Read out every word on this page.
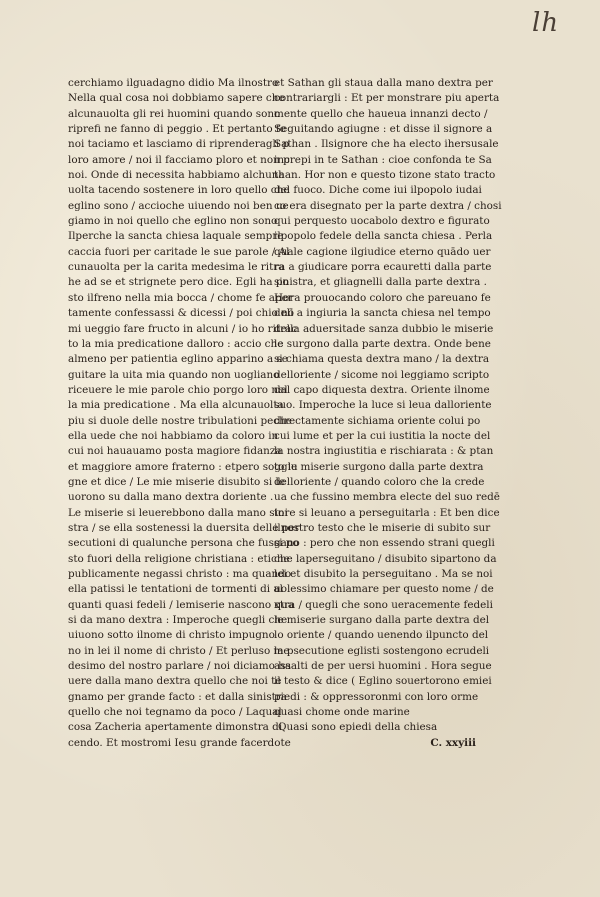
lh
cerchiamo ilguadagno didio Ma ilnostro
Nella qual cosa noi dobbiamo sapere che
alcunauolta gli rei huomini quando sono
riprefi ne fanno di peggio . Et pertanto fe
noi taciamo et lasciamo di riprenderagli p
loro amore / noi il facciamo ploro et non p
noi. Onde di necessita habbiamo alchuna
uolta tacendo sostenere in loro quello che
eglino sono / accioche uiuendo noi ben ue
giamo in noi quello che eglino non sono
Ilperche la sancta chiesa laquale sempre
caccia fuori per caritade le sue parole / Al
cunauolta per la carita medesima le ritra
he ad se et strignete pero dice. Egli ha po
sto ilfreno nella mia bocca / chome fe aper
tamente confessassi & dicessi / poi chio nō
mi ueggio fare fructo in alcuni / io ho ritrac
to la mia predicatione dalloro : accio che
almeno per patientia eglino apparino a se
guitare la uita mia quando non uogliano
riceuere le mie parole chio porgo loro nel
la mia predicatione . Ma ella alcunauolta
piu si duole delle nostre tribulationi peche
ella uede che noi habbiamo da coloro in
cui noi hauauamo posta magiore fidanza
et maggiore amore fraterno : etpero soggiu
gne et dice / Le mie miserie disubito si le
uorono su dalla mano dextra doriente .
Le miserie si leuerebbono dalla mano sini
stra / se ella sostenessi la duersita delle per
secutioni di qualunche persona che fussi po
sto fuori della religione christiana : etiche
publicamente negassi christo : ma quando
ella patissi le tentationi de tormenti di al
quanti quasi fedeli / lemiserie nascono qua
si da mano dextra : Imperoche quegli che
uiuono sotto ilnome di christo impugno
no in lei il nome di christo / Et perluso me
desimo del nostro parlare / noi diciamo ha
uere dalla mano dextra quello che noi te
gnamo per grande facto : et dalla sinistra
quello che noi tegnamo da poco / Laqual
cosa Zacheria apertamente dimonstra di
cendo. Et mostromi Iesu grande facerdote
et Sathan gli staua dalla mano dextra per
contrariargli : Et per monstrare piu aperta
mente quello che haueua innanzi decto /
Seguitando agiugne : et disse il signore a
Sathan . Ilsignore che ha electo ihersusale
increpi in te Sathan : cioe confonda te Sa
than. Hor non e questo tizone stato tracto
del fuoco. Diche come iui ilpopolo iudai
co era disegnato per la parte dextra / chosi
qui perquesto uocabolo dextro e figurato
ilpopolo fedele della sancta chiesa . Perla
quale cagione ilgiudice eterno quādo uer
ra a giudicare porra ecauretti dalla parte
sinistra, et gliagnelli dalla parte dextra .
Hora prouocando coloro che pareuano fe
deli a ingiuria la sancta chiesa nel tempo
della aduersitade sanza dubbio le miserie
le surgono dalla parte dextra. Onde bene
si chiama questa dextra mano / la dextra
delloriente / sicome noi leggiamo scripto
dal capo diquesta dextra. Oriente ilnome
suo. Imperoche la luce si leua dalloriente
directamente sichiama oriente colui po
cui lume et per la cui iustitia la nocte del
la nostra ingiustitia e rischiarata : & ptan
to le miserie surgono dalla parte dextra
delloriente / quando coloro che la crede
ua che fussino membra electe del suo redē
tore si leuano a perseguitarla : Et ben dice
ilnostro testo che le miserie di subito sur
gano : pero che non essendo strani quegli
che laperseguitano / disubito sipartono da
lei et disubito la perseguitano . Ma se noi
uolessimo chiamare per questo nome / de
xtra / quegli che sono ueracemente fedeli
le miserie surgano dalla parte dextra del
lo oriente / quando uenendo ilpuncto del
la psecutione eglisti sostengono ecrudeli
assalti de per uersi huomini . Hora segue
il testo & dice ( Eglino souertorono emiei
piedi : & oppressoronmi con loro orme
quasi chome onde marine
Quasi sono epiedi della chiesa
C. xxyiii
